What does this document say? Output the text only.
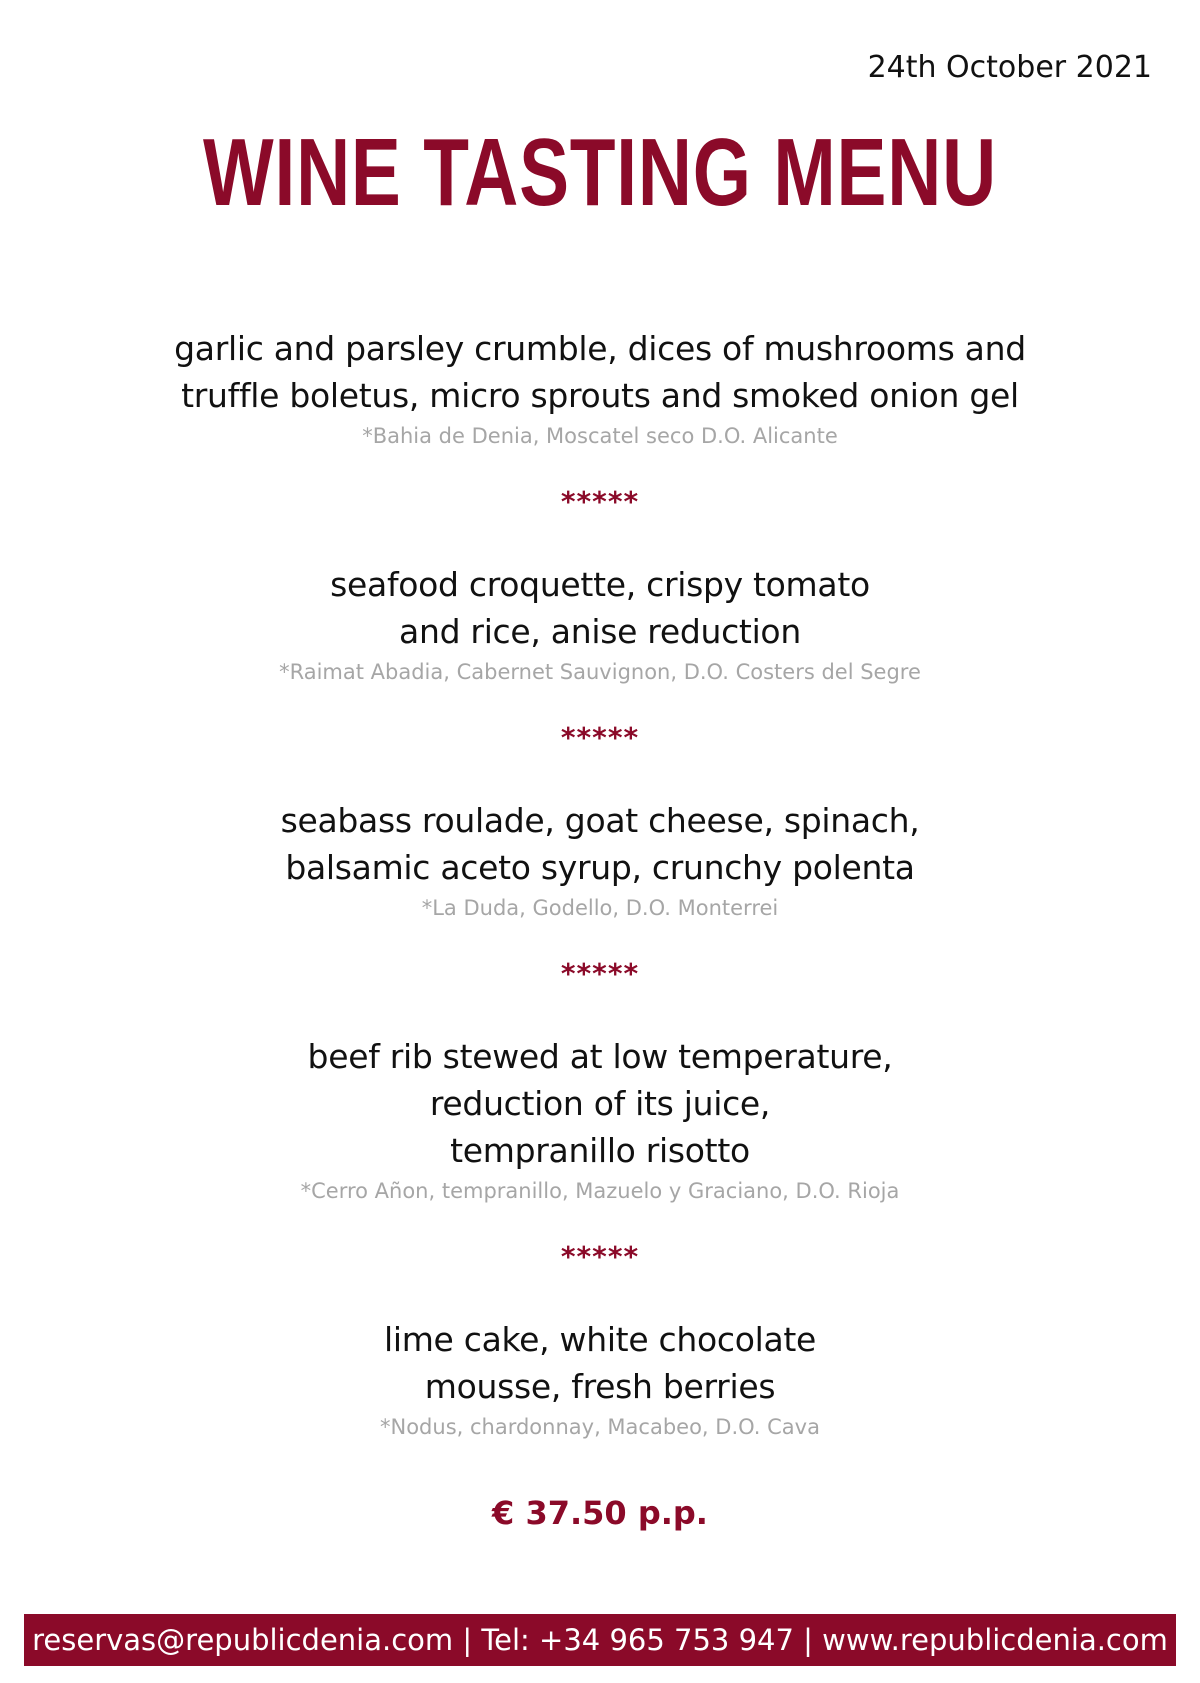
24th October 2021
WINE TASTING MENU
garlic and parsley crumble, dices of mushrooms and
truffle boletus, micro sprouts and smoked onion gel
*Bahia de Denia, Moscatel seco D.O. Alicante
*****
seafood croquette, crispy tomato
and rice, anise reduction
*Raimat Abadia, Cabernet Sauvignon, D.O. Costers del Segre
*****
seabass roulade, goat cheese, spinach,
balsamic aceto syrup, crunchy polenta
*La Duda, Godello, D.O. Monterrei
*****
beef rib stewed at low temperature,
reduction of its juice,
tempranillo risotto
*Cerro Añon, tempranillo, Mazuelo y Graciano, D.O. Rioja
*****
lime cake, white chocolate
mousse, fresh berries
*Nodus, chardonnay, Macabeo, D.O. Cava
€ 37.50 p.p.
reservas@republicdenia.com | Tel: +34 965 753 947 | www.republicdenia.com
